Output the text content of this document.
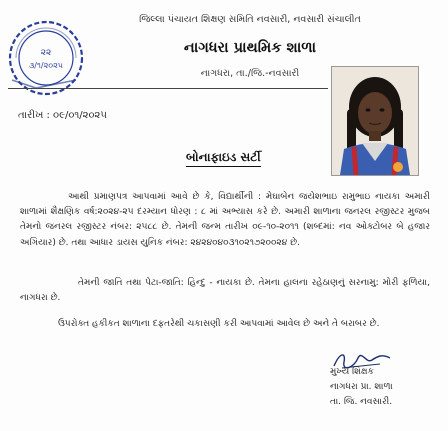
૨૨
૩/૧/૨૦૨૫
જિલ્લા પંચાયત શિક્ષણ સમિતિ નવસારી, નવસારી સંચાલીત
નાગધરા પ્રાથમિક શાળા
નાગધરા, તા./જિ.-નવસારી
તારીખ : ૦૯/૦૧/૨૦૨૫
બોનાફાઇડ સર્ટી
આથી પ્રમાણપત્ર આપવામાં આવે છે કે, વિદ્યાર્થીની : મેઘાબેન જયેશભાઇ રામુભાઇ નાયકા અમારી શાળામાં શૈક્ષણિક વર્ષ:૨૦૨૪-૨૫ દરમ્યાન ધોરણ : ૮ માં અભ્યાસ કરે છે. અમારી શાળાના જનરલ રજીસ્ટર મુજબ તેમનો જનરલ રજીસ્ટર નંબર: ૨૫૮૮ છે. તેમની જન્મ તારીખ ૦૯-૧૦-૨૦૧૧ (શબ્દમાં: નવ ઓક્ટોબર બે હજાર અગિયાર) છે. તથા આધાર ડાયસ યુનિક નંબર: ૨૪૨૪૦૪૦૩૧૦૨૧૭૨૦૦૨૪ છે.
તેમની જાતિ તથા પેટા-જાતિ: હિન્દુ - નાયકા છે. તેમના હાલના રહેઠાણનું સરનામુ: મોરી ફળિયા, નાગધરા છે.
ઉપરોક્ત હકીકત શાળાના દફતરેથી ચકાસણી કરી આપવામાં આવેલ છે અને તે બરાબર છે.
મુખ્ય શિક્ષક
નાગધરા પ્રા. શાળા
તા. જિ. નવસારી.
